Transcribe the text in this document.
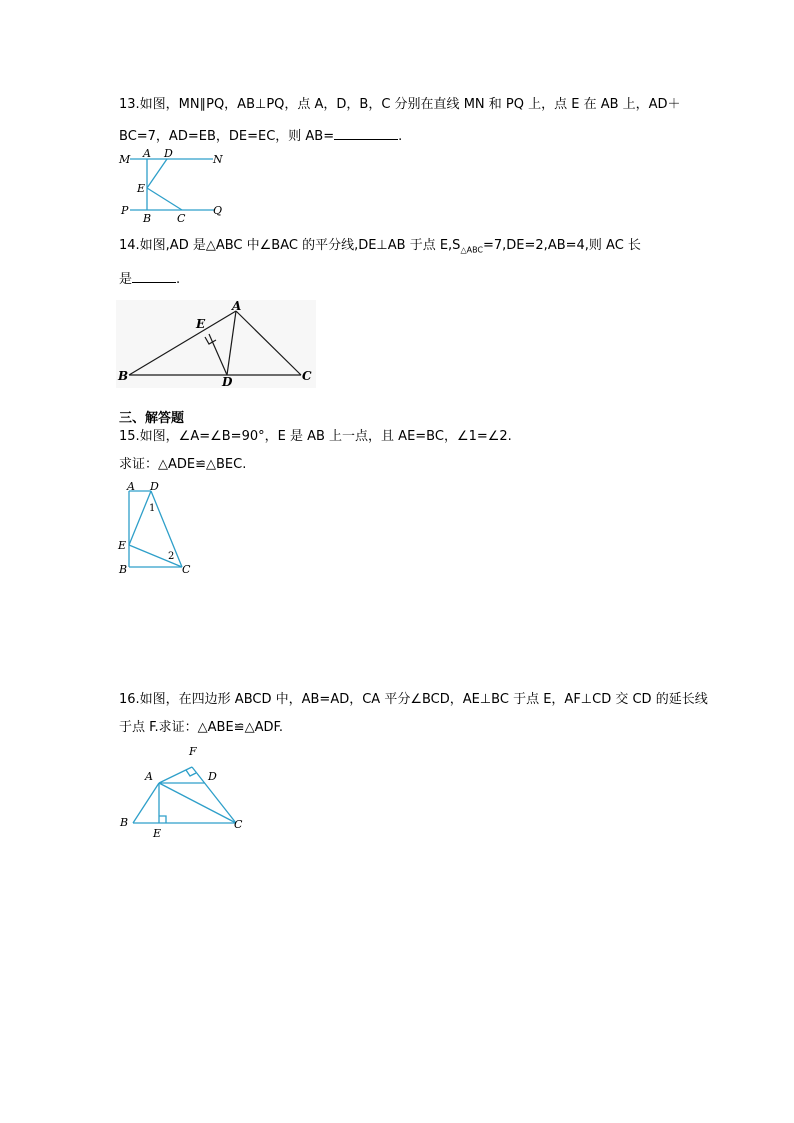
13.如图，MN∥PQ，AB⊥PQ，点 A，D，B，C 分别在直线 MN 和 PQ 上，点 E 在 AB 上，AD＋
BC=7，AD=EB，DE=EC，则 AB=	.
M A D	N
E
P
B C
Q
14.如图,AD 是△ABC 中∠BAC 的平分线,DE⊥AB 于点 $E,S_{\triangle ABC}=7,DE=2,AB=4$,则 AC 长
是	.
A
E
B	D	C
三、解答题
15.如图，∠A=∠B=90°，E 是 AB 上一点，且 AE=BC，∠1=∠2.
求证：△ADE≌△BEC.
A D
1
E
2
B	C
16.如图，在四边形 ABCD 中，AB=AD，CA 平分∠BCD，AE⊥BC 于点 E，AF⊥CD 交 CD 的延长线
于点 F.求证：△ABE≌△ADF.
F
A	D
B	C
E
